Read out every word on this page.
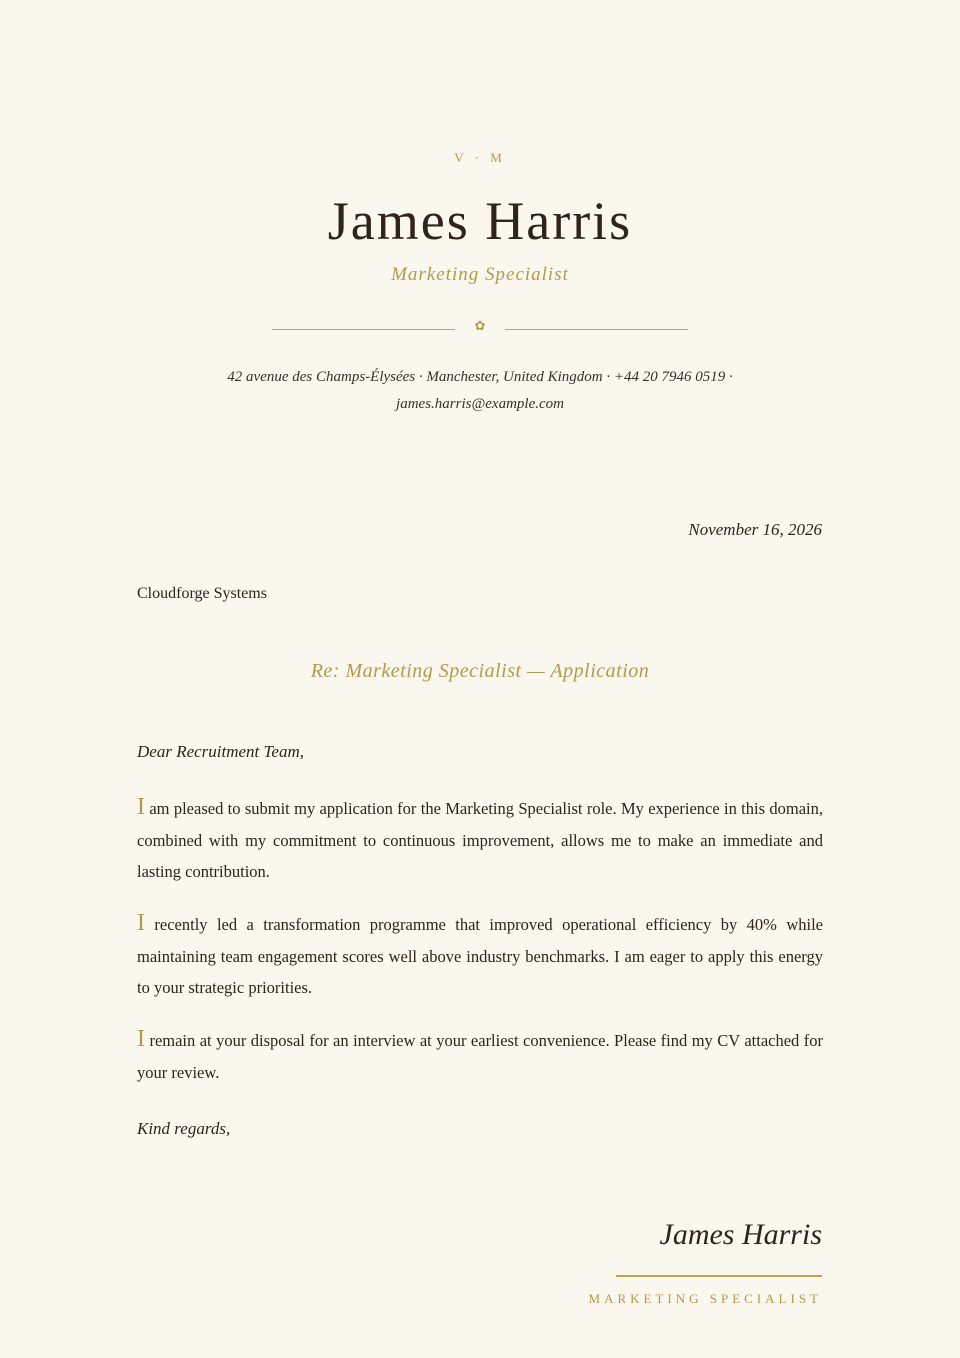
V · M
James Harris
Marketing Specialist
✿
42 avenue des Champs-Élysées · Manchester, United Kingdom · +44 20 7946 0519 ·
james.harris@example.com
November 16, 2026
Cloudforge Systems
Re: Marketing Specialist — Application
Dear Recruitment Team,
I am pleased to submit my application for the Marketing Specialist role. My experience in this domain, combined with my commitment to continuous improvement, allows me to make an immediate and lasting contribution.
I recently led a transformation programme that improved operational efficiency by 40% while maintaining team engagement scores well above industry benchmarks. I am eager to apply this energy to your strategic priorities.
I remain at your disposal for an interview at your earliest convenience. Please find my CV attached for your review.
Kind regards,
James Harris
MARKETING SPECIALIST
